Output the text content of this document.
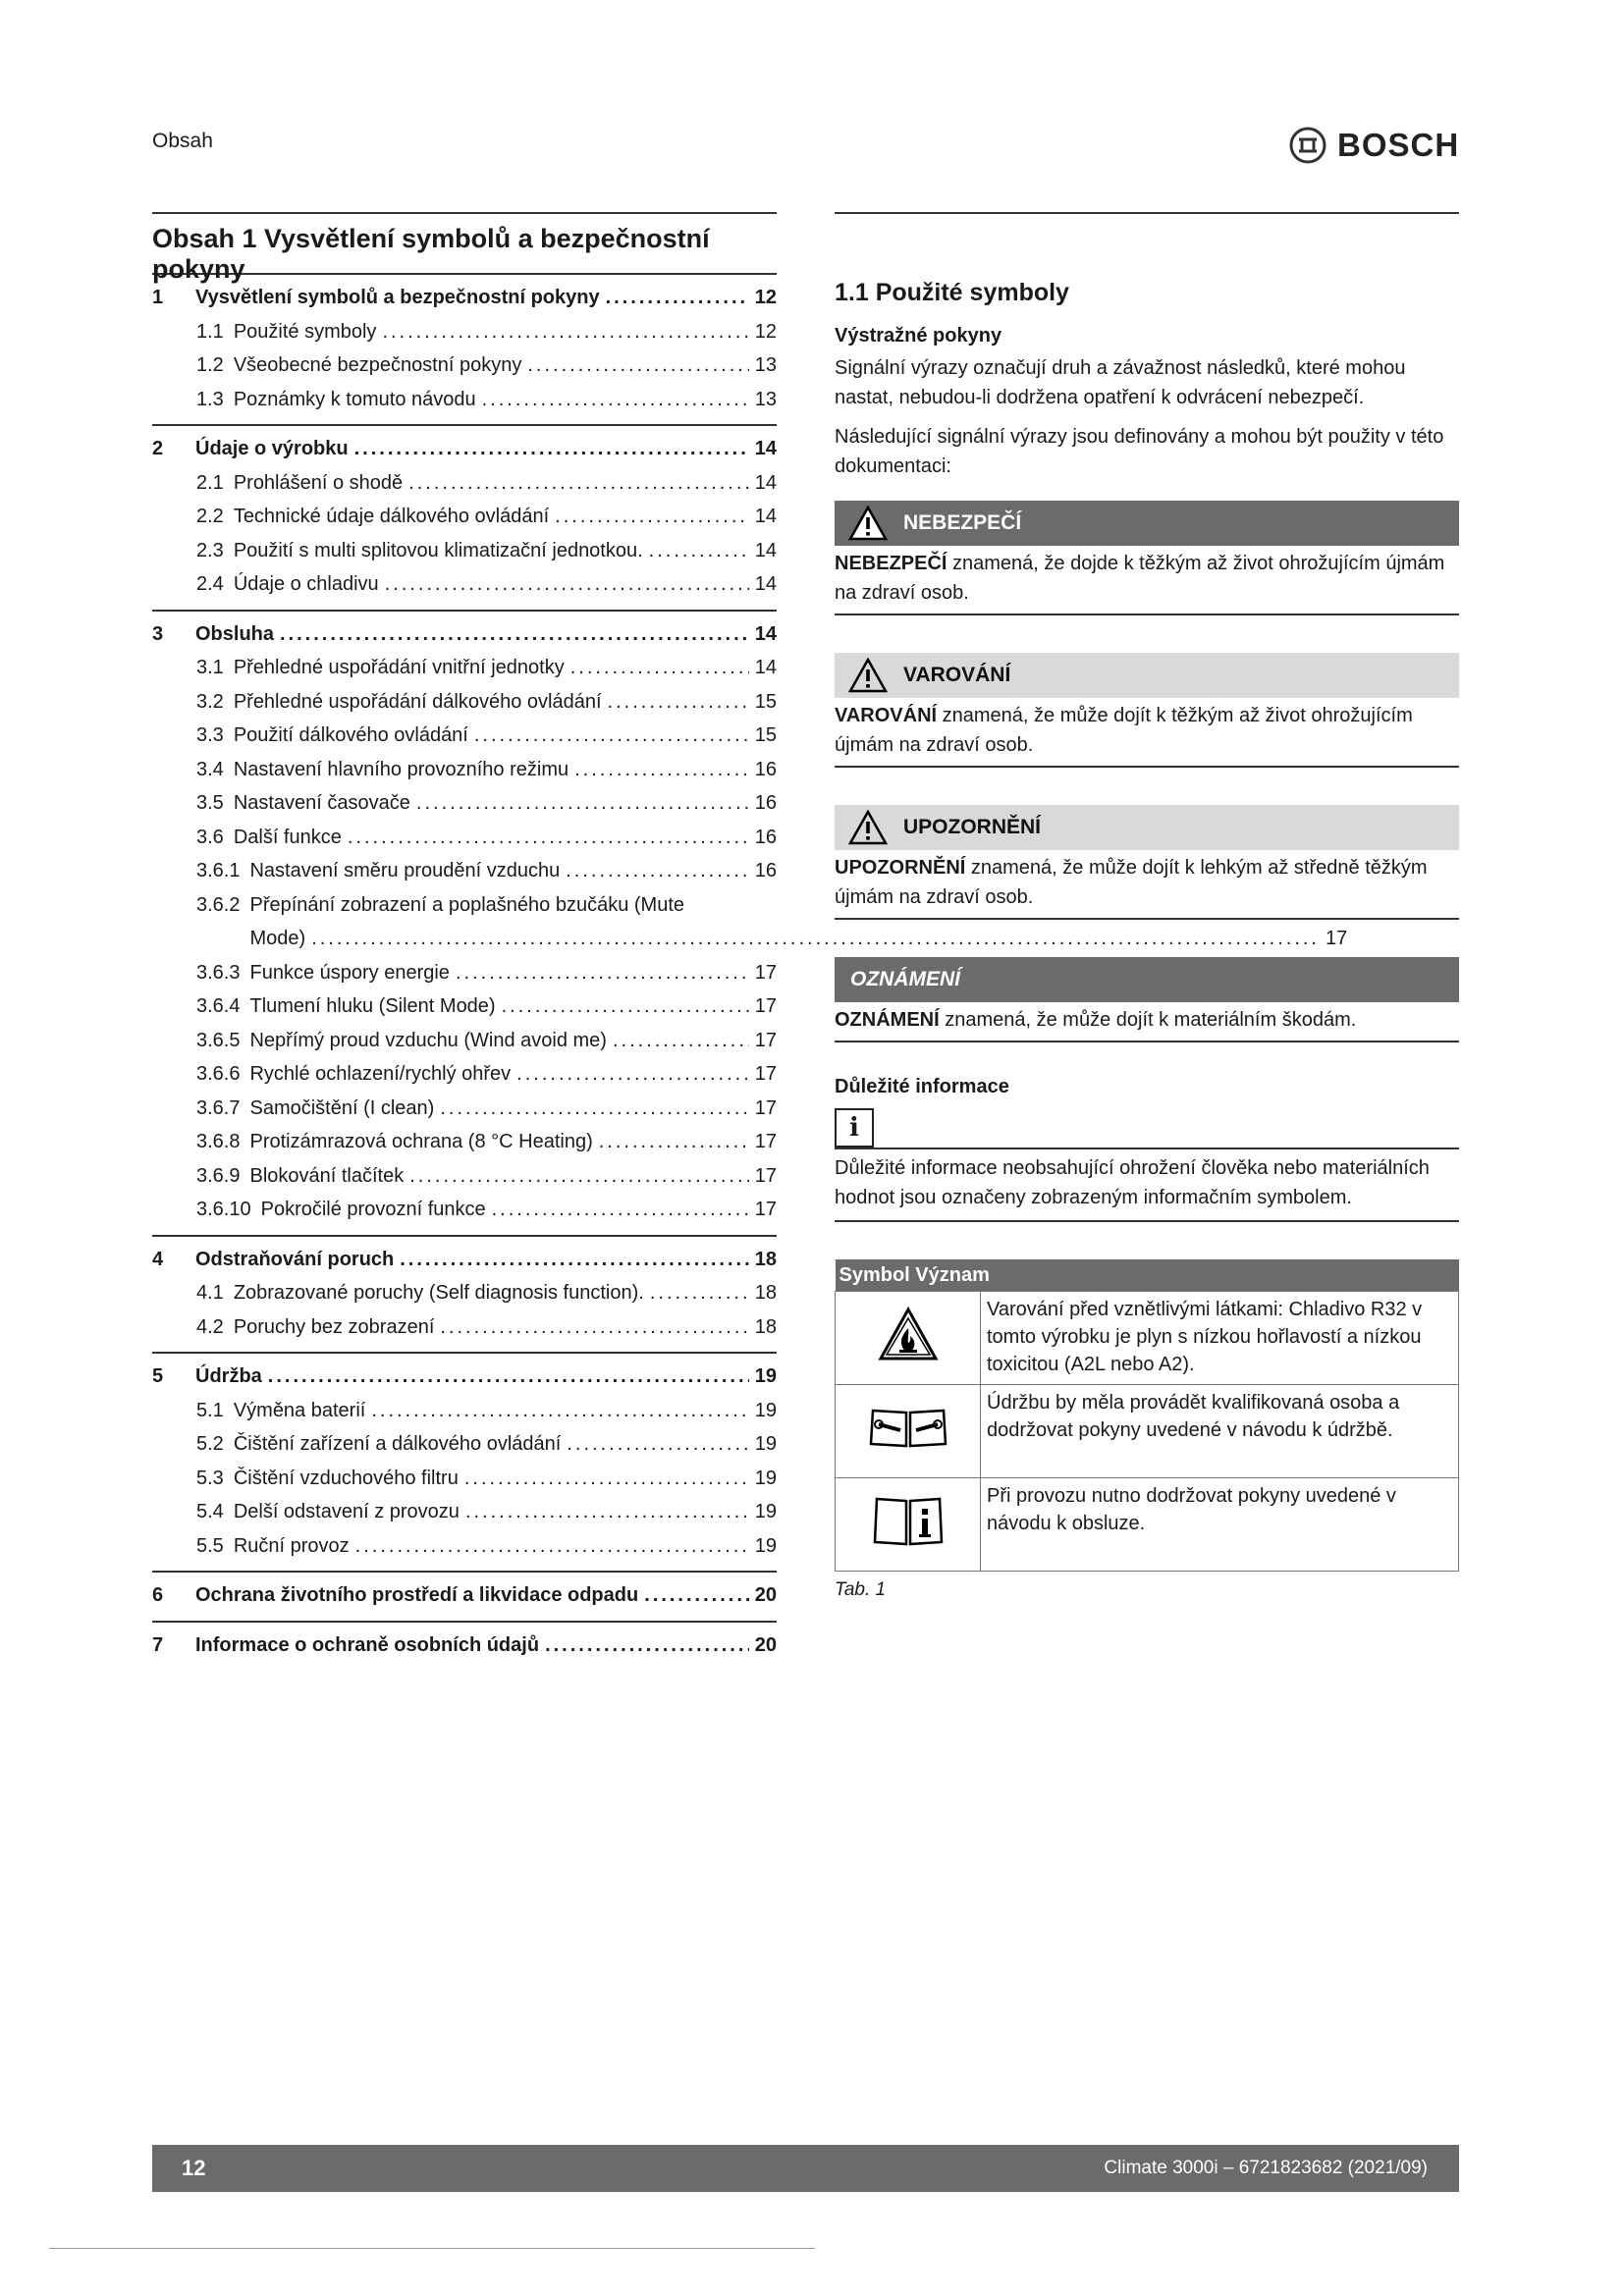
Obsah	BOSCH
Obsah 1 Vysvětlení symbolů a bezpečnostní pokyny
1	Vysvětlení symbolů a bezpečnostní pokyny .....	12
1.1 Použité symboly .....	12
1.2 Všeobecné bezpečnostní pokyny .....	13
1.3 Poznámky k tomuto návodu .....	13
2	Údaje o výrobku .....	14
2.1 Prohlášení o shodě .....	14
2.2 Technické údaje dálkového ovládání .....	14
2.3 Použití s multi splitovou klimatizační jednotkou. .....	14
2.4 Údaje o chladivu .....	14
3	Obsluha .....	14
3.1 Přehledné uspořádání vnitřní jednotky .....	14
3.2 Přehledné uspořádání dálkového ovládání .....	15
3.3 Použití dálkového ovládání .....	15
3.4 Nastavení hlavního provozního režimu .....	16
3.5 Nastavení časovače .....	16
3.6 Další funkce .....	16
3.6.1 Nastavení směru proudění vzduchu .....	16
3.6.2 Přepínání zobrazení a poplašného bzučáku (Mute
Mode) .....	17
3.6.3 Funkce úspory energie .....	17
3.6.4 Tlumení hluku (Silent Mode) .....	17
3.6.5 Nepřímý proud vzduchu (Wind avoid me) .....	17
3.6.6 Rychlé ochlazení/rychlý ohřev .....	17
3.6.7 Samočištění (I clean) .....	17
3.6.8 Protizámrazová ochrana (8 °C Heating) .....	17
3.6.9 Blokování tlačítek .....	17
3.6.10 Pokročilé provozní funkce .....	17
4	Odstraňování poruch .....	18
4.1 Zobrazované poruchy (Self diagnosis function). .....	18
4.2 Poruchy bez zobrazení .....	18
5	Údržba .....	19
5.1 Výměna baterií .....	19
5.2 Čištění zařízení a dálkového ovládání .....	19
5.3 Čištění vzduchového filtru .....	19
5.4 Delší odstavení z provozu .....	19
5.5 Ruční provoz .....	19
6	Ochrana životního prostředí a likvidace odpadu .....	20
7	Informace o ochraně osobních údajů .....	20
1.1 Použité symboly
Výstražné pokyny

Signální výrazy označují druh a závažnost následků, které mohou nastat, nebudou-li dodržena opatření k odvrácení nebezpečí.

Následující signální výrazy jsou definovány a mohou být použity v této dokumentaci:

NEBEZPEČÍ
NEBEZPEČÍ znamená, že dojde k těžkým až život ohrožujícím újmám na zdraví osob.
VAROVÁNÍ
VAROVÁNÍ znamená, že může dojít k těžkým až život ohrožujícím újmám na zdraví osob.
UPOZORNĚNÍ
UPOZORNĚNÍ znamená, že může dojít k lehkým až středně těžkým újmám na zdraví osob.
OZNÁMENÍ
OZNÁMENÍ znamená, že může dojít k materiálním škodám.
Důležité informace
i
Důležité informace neobsahující ohrožení člověka nebo materiálních hodnot jsou označeny zobrazeným informačním symbolem.
Symbol Význam	
	Varování před vznětlivými látkami: Chladivo R32 v tomto výrobku je plyn s nízkou hořlavostí a nízkou toxicitou (A2L nebo A2).
	Údržbu by měla provádět kvalifikovaná osoba a dodržovat pokyny uvedené v návodu k údržbě.
	Při provozu nutno dodržovat pokyny uvedené v návodu k obsluze.
Tab. 1
12	Climate 3000i – 6721823682 (2021/09)
